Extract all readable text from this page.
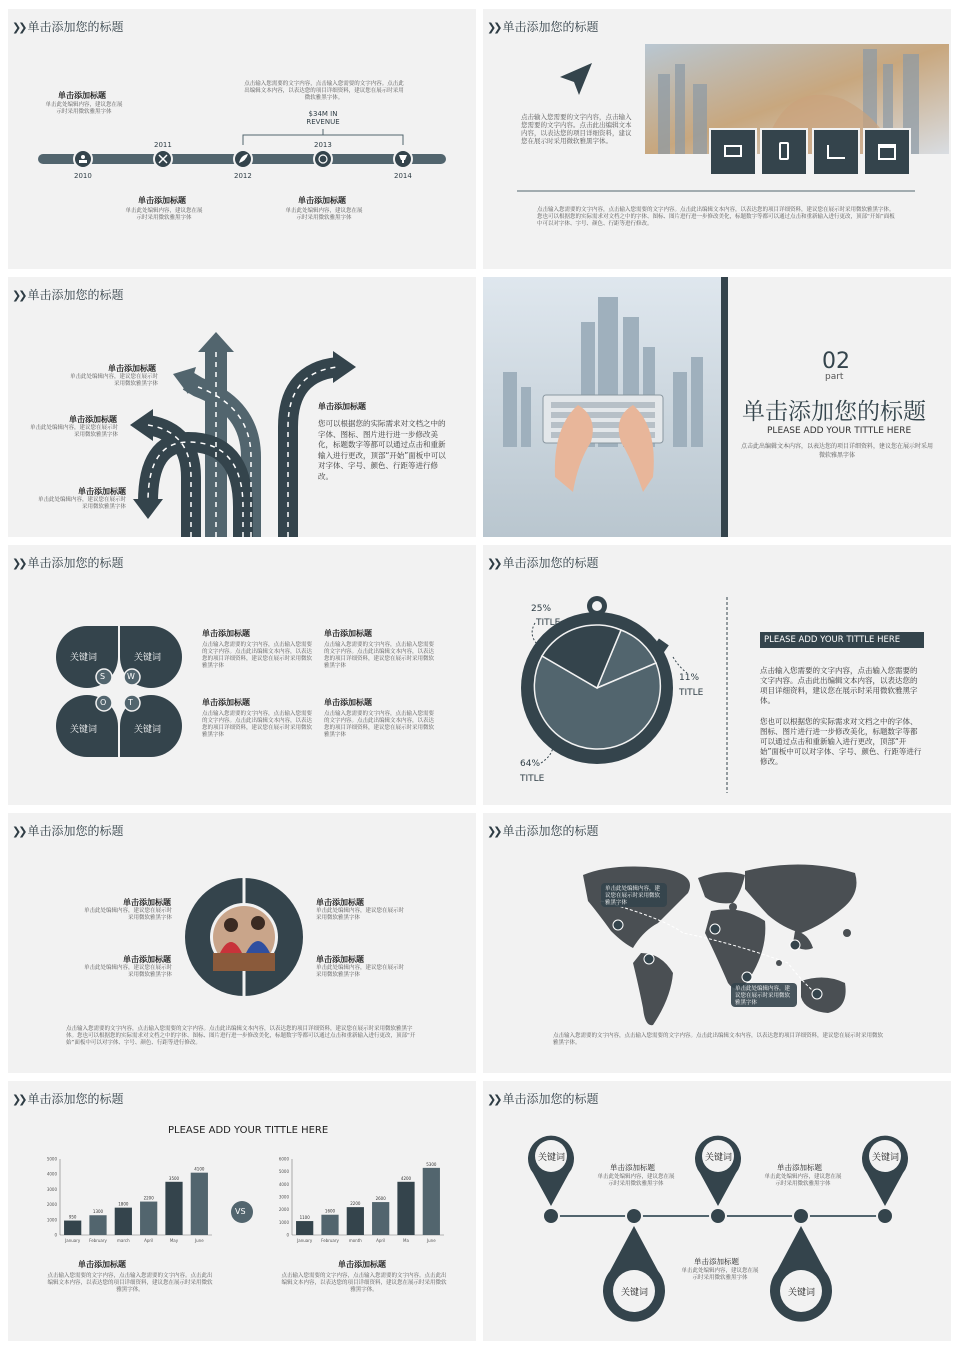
❯❯ 单击添加您的标题
2010
2011
2012
2013
2014
$34M IN REVENUE
点击输入您需要的文字内容，点击输入您需要的文字内容。点击此出编辑文本内容，以表达您的项目详细资料，建议您在展示时采用微软雅黑字体。
单击添加标题
单击此处编辑内容，建议您在展示时采用微软雅黑字体
单击添加标题
单击此处编辑内容，建议您在展示时采用微软雅黑字体
单击添加标题
单击此处编辑内容，建议您在展示时采用微软雅黑字体
❯❯ 单击添加您的标题
点击输入您需要的文字内容，点击输入您需要的文字内容。点击此出编辑文本内容，以表达您的项目详细资料，建议您在展示时采用微软雅黑字体。
点击输入您需要的文字内容，点击输入您需要的文字内容。点击此出编辑文本内容，以表达您的项目详细资料，建议您在展示时采用微软雅黑字体。您也可以根据您的实际需求对文档之中的字体、图标、图片进行进一步修改美化，标题数字等都可以通过点击和重新输入进行更改，顶部“开始”面板中可以对字体、字号、颜色、行距等进行修改。
❯❯ 单击添加您的标题
单击添加标题
单击此处编辑内容，建议您在展示时采用微软雅黑字体
单击添加标题
单击此处编辑内容，建议您在展示时采用微软雅黑字体
单击添加标题
单击此处编辑内容，建议您在展示时采用微软雅黑字体
单击添加标题
您可以根据您的实际需求对文档之中的字体、图标、图片进行进一步修改美化，标题数字等都可以通过点击和重新输入进行更改，顶部“开始”面板中可以对字体、字号、颜色、行距等进行修改。
02
part
单击添加您的标题
PLEASE ADD YOUR TITTLE HERE
点击此出编辑文本内容，以表达您的项目详细资料，建议您在展示时采用微软雅黑字体
❯❯ 单击添加您的标题
S	W
O	T
关键词	关键词
关键词	关键词
单击添加标题
点击输入您需要的文字内容，点击输入您需要的文字内容。点击此出编辑文本内容，以表达您的项目详细资料，建议您在展示时采用微软雅黑字体
单击添加标题
点击输入您需要的文字内容，点击输入您需要的文字内容。点击此出编辑文本内容，以表达您的项目详细资料，建议您在展示时采用微软雅黑字体
单击添加标题
点击输入您需要的文字内容，点击输入您需要的文字内容。点击此出编辑文本内容，以表达您的项目详细资料，建议您在展示时采用微软雅黑字体
单击添加标题
点击输入您需要的文字内容，点击输入您需要的文字内容。点击此出编辑文本内容，以表达您的项目详细资料，建议您在展示时采用微软雅黑字体
❯❯ 单击添加您的标题
25%
TITLE
11%
TITLE
64%
TITLE
PLEASE ADD YOUR TITTLE HERE
点击输入您需要的文字内容，点击输入您需要的文字内容。点击此出编辑文本内容，以表达您的项目详细资料，建议您在展示时采用微软雅黑字体。
您也可以根据您的实际需求对文档之中的字体、图标、图片进行进一步修改美化，标题数字等都可以通过点击和重新输入进行更改，顶部“开始”面板中可以对字体、字号、颜色、行距等进行修改。
❯❯ 单击添加您的标题
单击添加标题
单击此处编辑内容，建议您在展示时采用微软雅黑字体
单击添加标题
单击此处编辑内容，建议您在展示时采用微软雅黑字体
单击添加标题
单击此处编辑内容，建议您在展示时采用微软雅黑字体
单击添加标题
单击此处编辑内容，建议您在展示时采用微软雅黑字体
点击输入您需要的文字内容，点击输入您需要的文字内容。点击此出编辑文本内容，以表达您的项目详细资料，建议您在展示时采用微软雅黑字体。您也可以根据您的实际需求对文档之中的字体、图标、图片进行进一步修改美化，标题数字等都可以通过点击和重新输入进行更改，顶部“开始”面板中可以对字体、字号、颜色、行距等进行修改。
❯❯ 单击添加您的标题
单击此处编辑内容，建议您在展示时采用微软雅黑字体
单击此处编辑内容，建议您在展示时采用微软雅黑字体
点击输入您需要的文字内容，点击输入您需要的文字内容。点击此出编辑文本内容，以表达您的项目详细资料，建议您在展示时采用微软雅黑字体。
❯❯ 单击添加您的标题
PLEASE ADD YOUR TITTLE HERE
0
1000
2000
3000
4000
5000
950
January
1300
February
1800
march
2200
April
3500
May
4100
June
0
1000
2000
3000
4000
5000
6000
1100
January
1600
February
2200
month
2600
April
4200
Ma
5300
June
VS
单击添加标题
点击输入您需要的文字内容，点击输入您需要的文字内容。点击此出编辑文本内容，以表达您的项目详细资料，建议您在展示时采用微软雅黑字体。
单击添加标题
点击输入您需要的文字内容，点击输入您需要的文字内容。点击此出编辑文本内容，以表达您的项目详细资料，建议您在展示时采用微软雅黑字体。
❯❯ 单击添加您的标题
关键词	关键词	关键词
关键词	关键词
单击添加标题
单击此处编辑内容，建议您在展示时采用微软雅黑字体
单击添加标题
单击此处编辑内容，建议您在展示时采用微软雅黑字体
单击添加标题
单击此处编辑内容，建议您在展示时采用微软雅黑字体
